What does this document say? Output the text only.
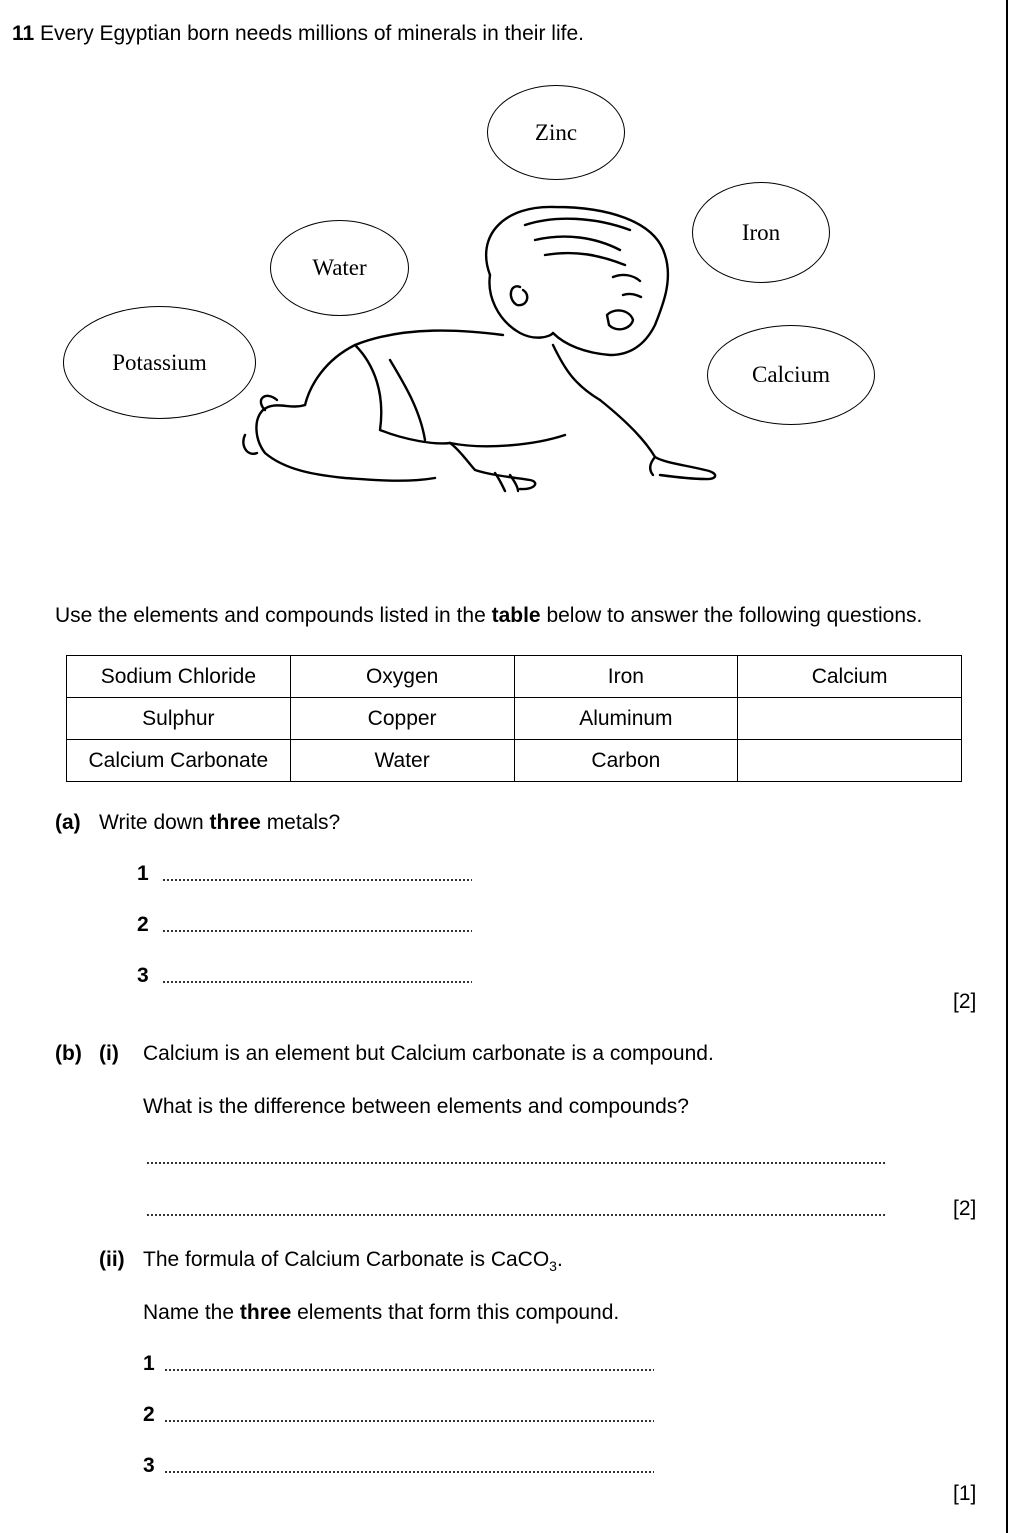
11 Every Egyptian born needs millions of minerals in their life.
Zinc
Iron
Water
Potassium	Calcium
Use the elements and compounds listed in the table below to answer the following questions.
Sodium Chloride	Oxygen	Iron	Calcium
Sulphur	Copper	Aluminum	
Calcium Carbonate	Water	Carbon	
(a) Write down three metals?
1
2
3
[2]
(b) (i) Calcium is an element but Calcium carbonate is a compound.
What is the difference between elements and compounds?
[2]
(ii) The formula of Calcium Carbonate is CaCO$_3$.
Name the three elements that form this compound.
1
2
3
[1]
